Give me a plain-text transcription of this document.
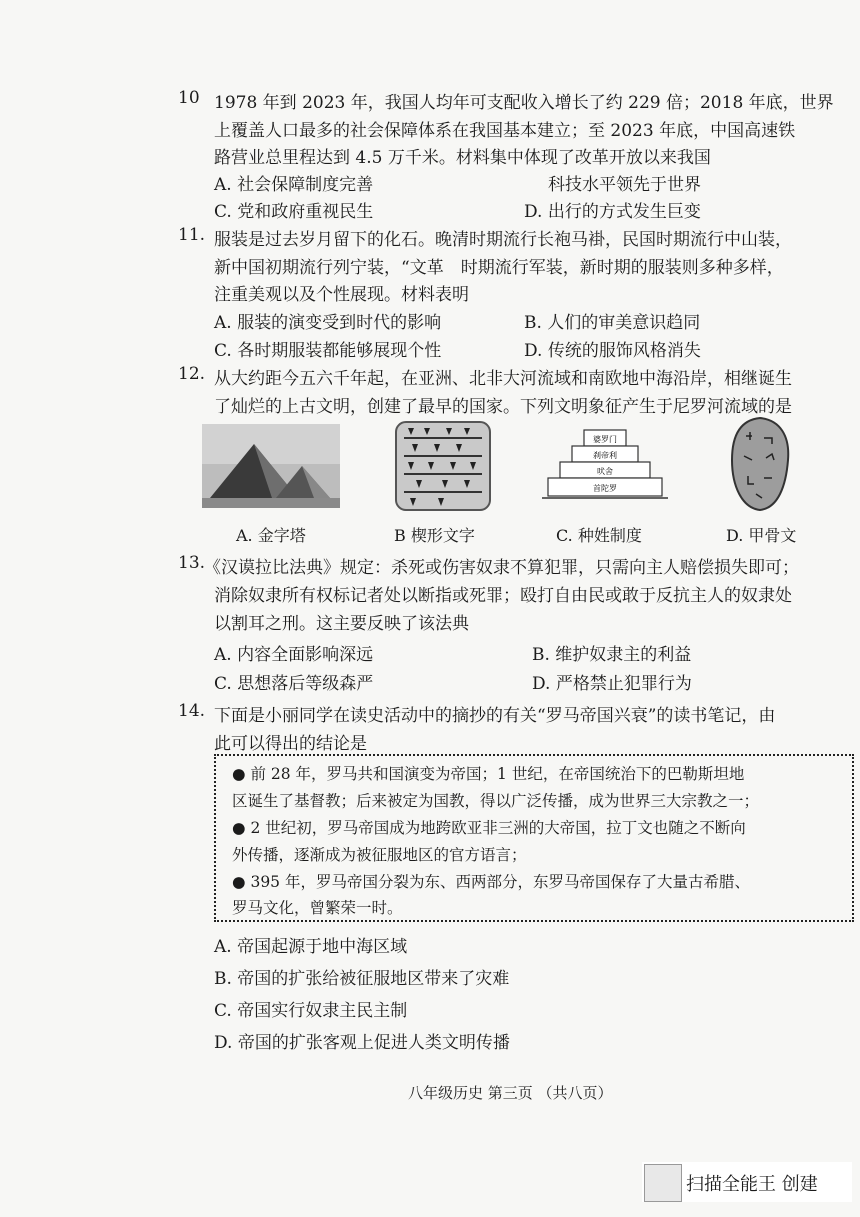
10 1978 年到 2023 年，我国人均年可支配收入增长了约 229 倍；2018 年底，世界
上覆盖人口最多的社会保障体系在我国基本建立；至 2023 年底，中国高速铁
路营业总里程达到 4.5 万千米。材料集中体现了改革开放以来我国
A. 社会保障制度完善	科技水平领先于世界
C. 党和政府重视民生	D. 出行的方式发生巨变
11. 服装是过去岁月留下的化石。晚清时期流行长袍马褂，民国时期流行中山装，
新中国初期流行列宁装，“文革　时期流行军装，新时期的服装则多种多样，
注重美观以及个性展现。材料表明
A. 服装的演变受到时代的影响	B. 人们的审美意识趋同
C. 各时期服装都能够展现个性	D. 传统的服饰风格消失
12. 从大约距今五六千年起，在亚洲、北非大河流域和南欧地中海沿岸，相继诞生
了灿烂的上古文明，创建了最早的国家。下列文明象征产生于尼罗河流域的是
婆罗门
刹帝利
吠舍
首陀罗
A. 金字塔	B 楔形文字	C. 种姓制度	D. 甲骨文
13.
《汉谟拉比法典》规定：杀死或伤害奴隶不算犯罪，只需向主人赔偿损失即可；
消除奴隶所有权标记者处以断指或死罪；殴打自由民或敢于反抗主人的奴隶处
以割耳之刑。这主要反映了该法典
A. 内容全面影响深远	B. 维护奴隶主的利益
C. 思想落后等级森严	D. 严格禁止犯罪行为
14. 下面是小丽同学在读史活动中的摘抄的有关“罗马帝国兴衰”的读书笔记，由
此可以得出的结论是
● 前 28 年，罗马共和国演变为帝国；1 世纪，在帝国统治下的巴勒斯坦地
区诞生了基督教；后来被定为国教，得以广泛传播，成为世界三大宗教之一；
● 2 世纪初，罗马帝国成为地跨欧亚非三洲的大帝国，拉丁文也随之不断向
外传播，逐渐成为被征服地区的官方语言；
● 395 年，罗马帝国分裂为东、西两部分，东罗马帝国保存了大量古希腊、
罗马文化，曾繁荣一时。
A. 帝国起源于地中海区域
B. 帝国的扩张给被征服地区带来了灾难
C. 帝国实行奴隶主民主制
D. 帝国的扩张客观上促进人类文明传播
八年级历史 第三页 （共八页）
扫描全能王 创建
